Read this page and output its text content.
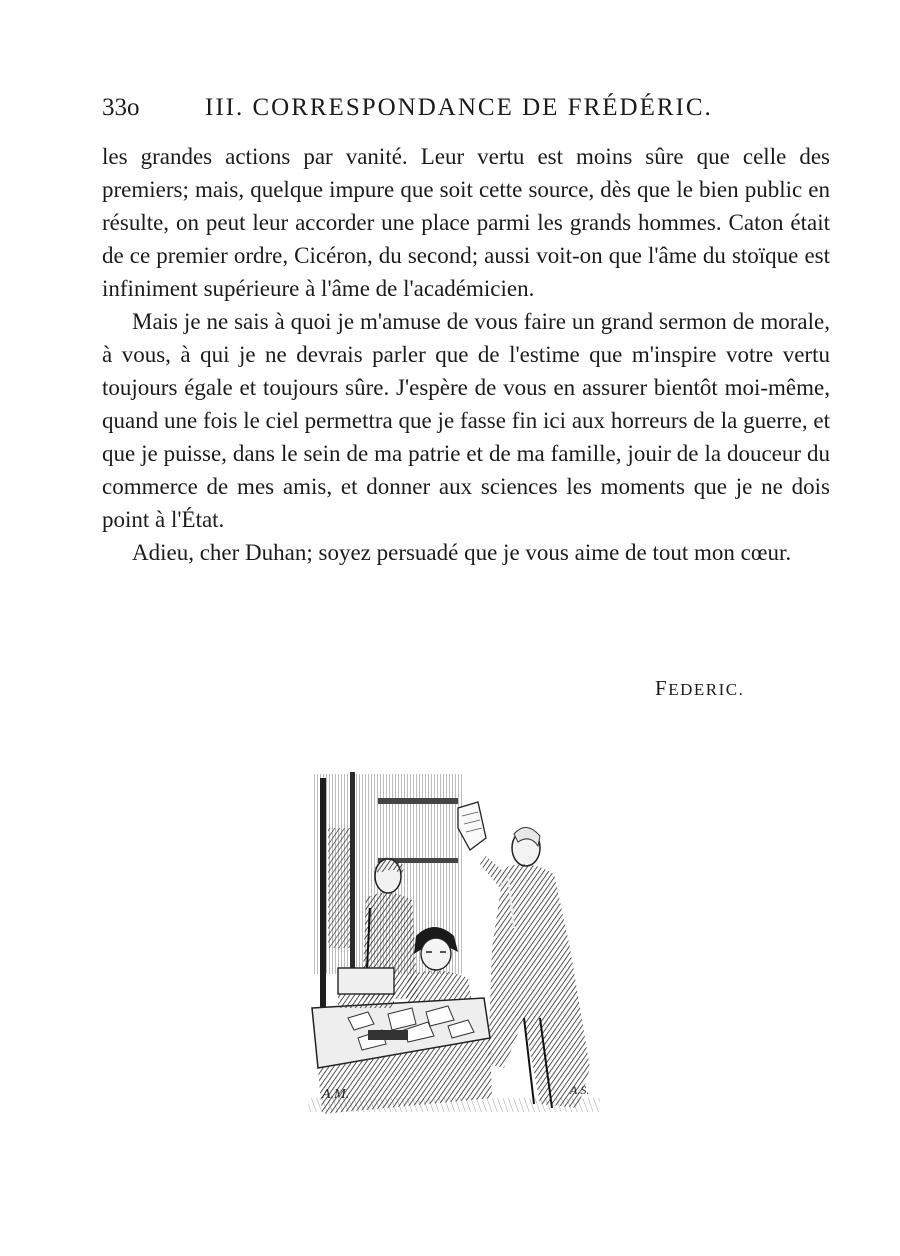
33o	III. CORRESPONDANCE DE FRÉDÉRIC.

les grandes actions par vanité. Leur vertu est moins sûre que celle des premiers; mais, quelque impure que soit cette source, dès que le bien public en résulte, on peut leur accorder une place parmi les grands hommes. Caton était de ce premier ordre, Cicéron, du second; aussi voit-on que l'âme du stoïque est infiniment supérieure à l'âme de l'académicien.

Mais je ne sais à quoi je m'amuse de vous faire un grand sermon de morale, à vous, à qui je ne devrais parler que de l'estime que m'inspire votre vertu toujours égale et toujours sûre. J'espère de vous en assurer bientôt moi-même, quand une fois le ciel permettra que je fasse fin ici aux horreurs de la guerre, et que je puisse, dans le sein de ma patrie et de ma famille, jouir de la douceur du commerce de mes amis, et donner aux sciences les moments que je ne dois point à l'État.

Adieu, cher Duhan; soyez persuadé que je vous aime de tout mon cœur.

FEDERIC.
A.M.	A.S.
